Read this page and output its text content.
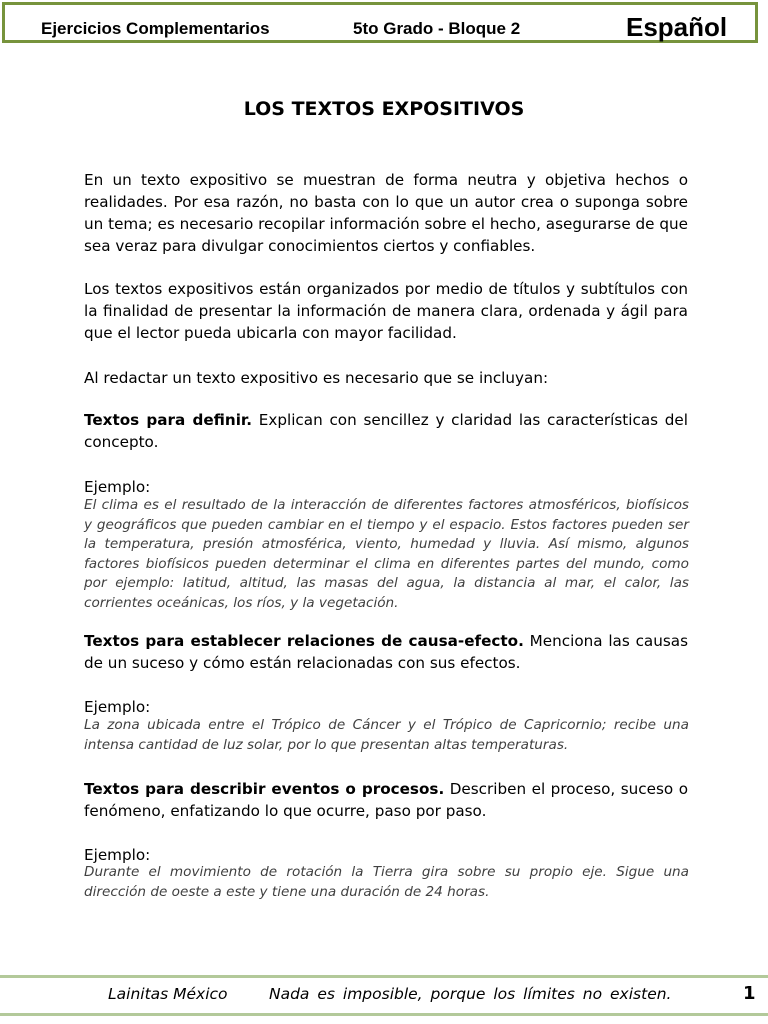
Ejercicios Complementarios	5to Grado - Bloque 2	Español
LOS TEXTOS EXPOSITIVOS

En un texto expositivo se muestran de forma neutra y objetiva hechos o realidades. Por esa razón, no basta con lo que un autor crea o suponga sobre un tema; es necesario recopilar información sobre el hecho, asegurarse de que sea veraz para divulgar conocimientos ciertos y confiables.

Los textos expositivos están organizados por medio de títulos y subtítulos con la finalidad de presentar la información de manera clara, ordenada y ágil para que el lector pueda ubicarla con mayor facilidad.

Al redactar un texto expositivo es necesario que se incluyan:

Textos para definir. Explican con sencillez y claridad las características del concepto.

Ejemplo:

El clima es el resultado de la interacción de diferentes factores atmosféricos, biofísicos y geográficos que pueden cambiar en el tiempo y el espacio. Estos factores pueden ser la temperatura, presión atmosférica, viento, humedad y lluvia. Así mismo, algunos factores biofísicos pueden determinar el clima en diferentes partes del mundo, como por ejemplo: latitud, altitud, las masas del agua, la distancia al mar, el calor, las corrientes oceánicas, los ríos, y la vegetación.

Textos para establecer relaciones de causa-efecto. Menciona las causas de un suceso y cómo están relacionadas con sus efectos.

Ejemplo:

La zona ubicada entre el Trópico de Cáncer y el Trópico de Capricornio; recibe una intensa cantidad de luz solar, por lo que presentan altas temperaturas.

Textos para describir eventos o procesos. Describen el proceso, suceso o fenómeno, enfatizando lo que ocurre, paso por paso.

Ejemplo:

Durante el movimiento de rotación la Tierra gira sobre su propio eje. Sigue una dirección de oeste a este y tiene una duración de 24 horas.

Lainitas México	Nada es imposible, porque los límites no existen.	1
